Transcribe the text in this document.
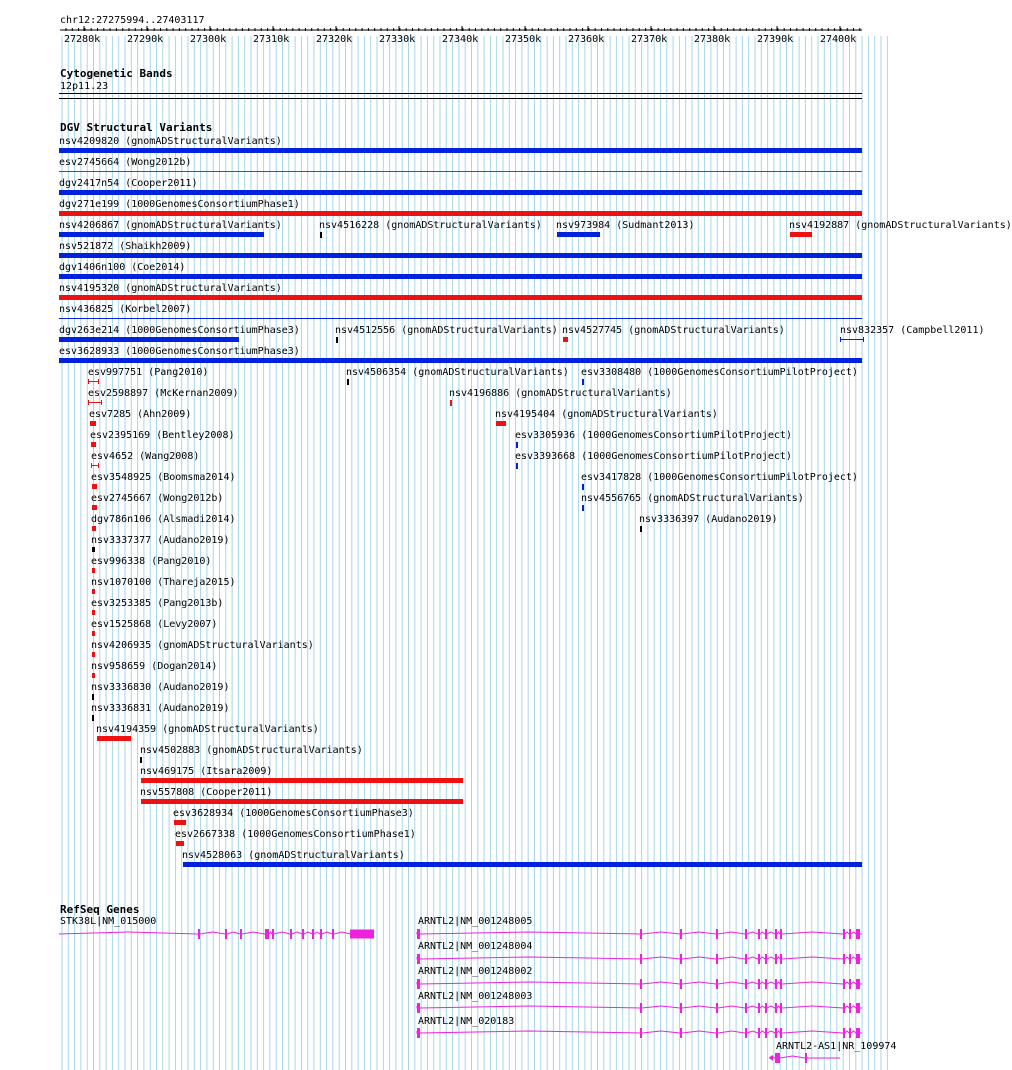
chr12:27275994..27403117
27280k	27290k	27300k	27310k	27320k	27330k	27340k	27350k	27360k	27370k	27380k	27390k	27400k
Cytogenetic Bands
12p11.23
DGV Structural Variants
nsv4209820 (gnomADStructuralVariants)
esv2745664 (Wong2012b)
dgv2417n54 (Cooper2011)
dgv271e199 (1000GenomesConsortiumPhase1)
nsv4206867 (gnomADStructuralVariants)	nsv4516228 (gnomADStructuralVariants) nsv973984 (Sudmant2013)	nsv4192887 (gnomADStructuralVariants)
nsv521872 (Shaikh2009)
dgv1406n100 (Coe2014)
nsv4195320 (gnomADStructuralVariants)
nsv436825 (Korbel2007)
dgv263e214 (1000GenomesConsortiumPhase3)	nsv4512556 (gnomADStructuralVariants) nsv4527745 (gnomADStructuralVariants)	nsv832357 (Campbell2011)
esv3628933 (1000GenomesConsortiumPhase3)
esv997751 (Pang2010)	nsv4506354 (gnomADStructuralVariants) esv3308480 (1000GenomesConsortiumPilotProject)
esv2598897 (McKernan2009)	nsv4196886 (gnomADStructuralVariants)
esv7285 (Ahn2009)	nsv4195404 (gnomADStructuralVariants)
esv2395169 (Bentley2008)	esv3305936 (1000GenomesConsortiumPilotProject)
esv4652 (Wang2008)	esv3393668 (1000GenomesConsortiumPilotProject)
esv3548925 (Boomsma2014)	esv3417828 (1000GenomesConsortiumPilotProject)
esv2745667 (Wong2012b)	nsv4556765 (gnomADStructuralVariants)
dgv786n106 (Alsmadi2014)	nsv3336397 (Audano2019)
nsv3337377 (Audano2019)
esv996338 (Pang2010)
nsv1070100 (Thareja2015)
esv3253385 (Pang2013b)
esv1525868 (Levy2007)
nsv4206935 (gnomADStructuralVariants)
nsv958659 (Dogan2014)
nsv3336830 (Audano2019)
nsv3336831 (Audano2019)
nsv4194359 (gnomADStructuralVariants)
nsv4502883 (gnomADStructuralVariants)
nsv469175 (Itsara2009)
nsv557808 (Cooper2011)
esv3628934 (1000GenomesConsortiumPhase3)
esv2667338 (1000GenomesConsortiumPhase1)
nsv4528063 (gnomADStructuralVariants)
RefSeq Genes
STK38L|NM_015000	ARNTL2|NM_001248005
ARNTL2|NM_001248004
ARNTL2|NM_001248002
ARNTL2|NM_001248003
ARNTL2|NM_020183
ARNTL2-AS1|NR_109974
